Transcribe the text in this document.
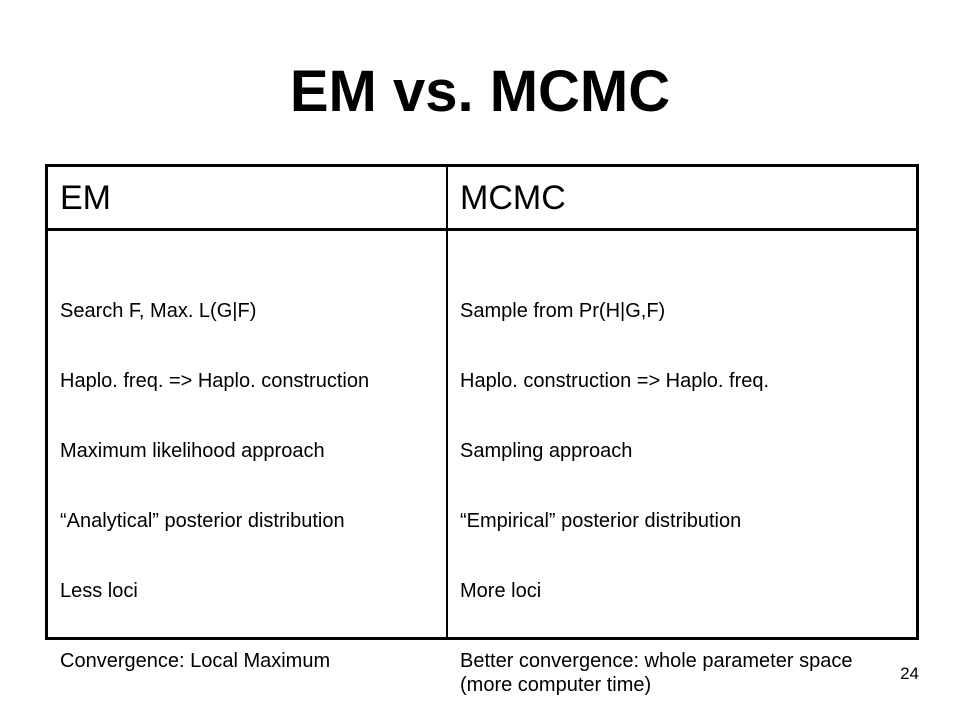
EM vs. MCMC
EM	MCMC
Search F, Max. L(G|F)
Haplo. freq. => Haplo. construction
Maximum likelihood approach
“Analytical” posterior distribution
Less loci
Convergence: Local Maximum
Sample from Pr(H|G,F)
Haplo. construction => Haplo. freq.
Sampling approach
“Empirical” posterior distribution
More loci
Better convergence: whole parameter space (more computer time)
24
